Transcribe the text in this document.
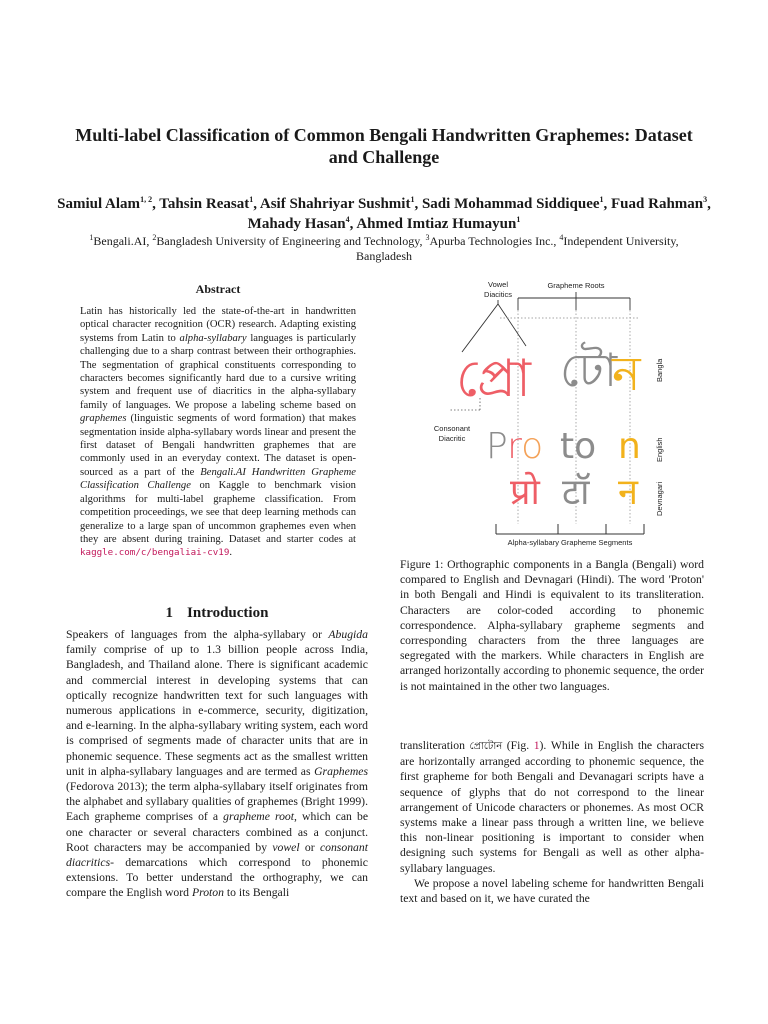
Multi-label Classification of Common Bengali Handwritten Graphemes: Dataset and Challenge
Samiul Alam$^{1, 2}$, Tahsin Reasat$^1$, Asif Shahriyar Sushmit$^1$, Sadi Mohammad Siddiquee$^1$, Fuad Rahman$^3$, Mahady Hasan$^4$, Ahmed Imtiaz Humayun$^1$
$^1$Bengali.AI, $^2$Bangladesh University of Engineering and Technology, $^3$Apurba Technologies Inc., $^4$Independent University, Bangladesh
Abstract
Latin has historically led the state-of-the-art in handwritten optical character recognition (OCR) research. Adapting existing systems from Latin to alpha-syllabary languages is particularly challenging due to a sharp contrast between their orthographies. The segmentation of graphical constituents corresponding to characters becomes significantly hard due to a cursive writing system and frequent use of diacritics in the alpha-syllabary family of languages. We propose a labeling scheme based on graphemes (linguistic segments of word formation) that makes segmentation inside alpha-syllabary words linear and present the first dataset of Bengali handwritten graphemes that are commonly used in an everyday context. The dataset is open-sourced as a part of the Bengali.AI Handwritten Grapheme Classification Challenge on Kaggle to benchmark vision algorithms for multi-label grapheme classification. From competition proceedings, we see that deep learning methods can generalize to a large span of uncommon graphemes even when they are absent during training. Dataset and starter codes at kaggle.com/c/bengaliai-cv19.
1 Introduction
Speakers of languages from the alpha-syllabary or Abugida family comprise of up to 1.3 billion people across India, Bangladesh, and Thailand alone. There is significant academic and commercial interest in developing systems that can optically recognize handwritten text for such languages with numerous applications in e-commerce, security, digitization, and e-learning. In the alpha-syllabary writing system, each word is comprised of segments made of character units that are in phonemic sequence. These segments act as the smallest written unit in alpha-syllabary languages and are termed as Graphemes (Fedorova 2013); the term alpha-syllabary itself originates from the alphabet and syllabary qualities of graphemes (Bright 1999). Each grapheme comprises of a grapheme root, which can be one character or several characters combined as a conjunct. Root characters may be accompanied by vowel or consonant diacritics- demarcations which correspond to phonemic extensions. To better understand the orthography, we can compare the English word Proton to its Bengali
Vowel
Diacitics
Grapheme Roots
প্রো টো
ন
Consonant
Diacritic Pro to n
प्रो टॉ न
Bangla
English
Devnagari
Alpha-syllabary Grapheme Segments
Figure 1: Orthographic components in a Bangla (Bengali) word compared to English and Devnagari (Hindi). The word 'Proton' in both Bengali and Hindi is equivalent to its transliteration. Characters are color-coded according to phonemic correspondence. Alpha-syllabary grapheme segments and corresponding characters from the three languages are segregated with the markers. While characters in English are arranged horizontally according to phonemic sequence, the order is not maintained in the other two languages.

transliteration প্রোটোন (Fig. 1). While in English the characters are horizontally arranged according to phonemic sequence, the first grapheme for both Bengali and Devanagari scripts have a sequence of glyphs that do not correspond to the linear arrangement of Unicode characters or phonemes. As most OCR systems make a linear pass through a written line, we believe this non-linear positioning is important to consider when designing such systems for Bengali as well as other alpha-syllabary languages.

We propose a novel labeling scheme for handwritten Bengali text and based on it, we have curated the
